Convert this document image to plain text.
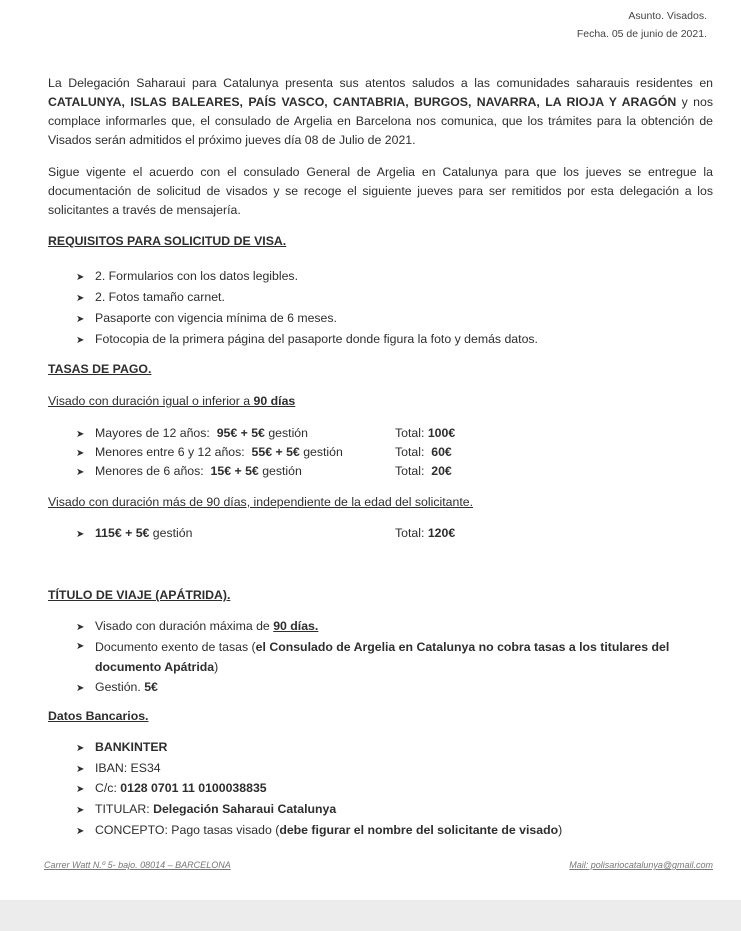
Asunto. Visados.
Fecha. 05 de junio de 2021.
La Delegación Saharaui para Catalunya presenta sus atentos saludos a las comunidades saharauis residentes en CATALUNYA, ISLAS BALEARES, PAÍS VASCO, CANTABRIA, BURGOS, NAVARRA, LA RIOJA Y ARAGÓN y nos complace informarles que, el consulado de Argelia en Barcelona nos comunica, que los trámites para la obtención de Visados serán admitidos el próximo jueves día 08 de Julio de 2021.
Sigue vigente el acuerdo con el consulado General de Argelia en Catalunya para que los jueves se entregue la documentación de solicitud de visados y se recoge el siguiente jueves para ser remitidos por esta delegación a los solicitantes a través de mensajería.
REQUISITOS PARA SOLICITUD DE VISA.
➤ 2. Formularios con los datos legibles.
➤ 2. Fotos tamaño carnet.
➤ Pasaporte con vigencia mínima de 6 meses.
➤ Fotocopia de la primera página del pasaporte donde figura la foto y demás datos.
TASAS DE PAGO.
Visado con duración igual o inferior a 90 días
➤ Mayores de 12 años: 95€ + 5€ gestión	Total: 100€
➤ Menores entre 6 y 12 años: 55€ + 5€ gestión	Total: 60€
➤ Menores de 6 años: 15€ + 5€ gestión	Total: 20€
Visado con duración más de 90 días, independiente de la edad del solicitante.
➤ 115€ + 5€ gestión	Total: 120€
TÍTULO DE VIAJE (APÁTRIDA).
➤ Visado con duración máxima de 90 días.
➤ Documento exento de tasas (el Consulado de Argelia en Catalunya no cobra tasas a los titulares del documento Apátrida)
➤ Gestión. 5€
Datos Bancarios.
➤ BANKINTER
➤ IBAN: ES34
➤ C/c: 0128 0701 11 0100038835
➤ TITULAR: Delegación Saharaui Catalunya
➤ CONCEPTO: Pago tasas visado (debe figurar el nombre del solicitante de visado)
Carrer Watt N.º 5- bajo. 08014 – BARCELONA	Mail: polisariocatalunya@gmail.com
